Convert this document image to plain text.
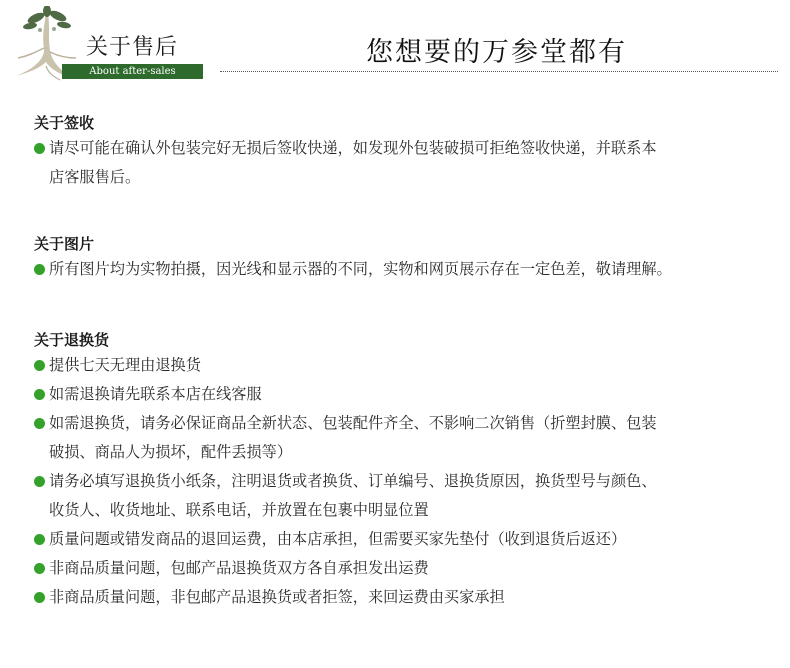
关于售后
About after-sales
您想要的万参堂都有
关于签收
请尽可能在确认外包装完好无损后签收快递，如发现外包装破损可拒绝签收快递，并联系本
店客服售后。
关于图片
所有图片均为实物拍摄，因光线和显示器的不同，实物和网页展示存在一定色差，敬请理解。
关于退换货
提供七天无理由退换货
如需退换请先联系本店在线客服
如需退换货，请务必保证商品全新状态、包装配件齐全、不影响二次销售（折塑封膜、包装
破损、商品人为损坏，配件丢损等）
请务必填写退换货小纸条，注明退货或者换货、订单编号、退换货原因，换货型号与颜色、
收货人、收货地址、联系电话，并放置在包裹中明显位置
质量问题或错发商品的退回运费，由本店承担，但需要买家先垫付（收到退货后返还）
非商品质量问题，包邮产品退换货双方各自承担发出运费
非商品质量问题，非包邮产品退换货或者拒签，来回运费由买家承担
